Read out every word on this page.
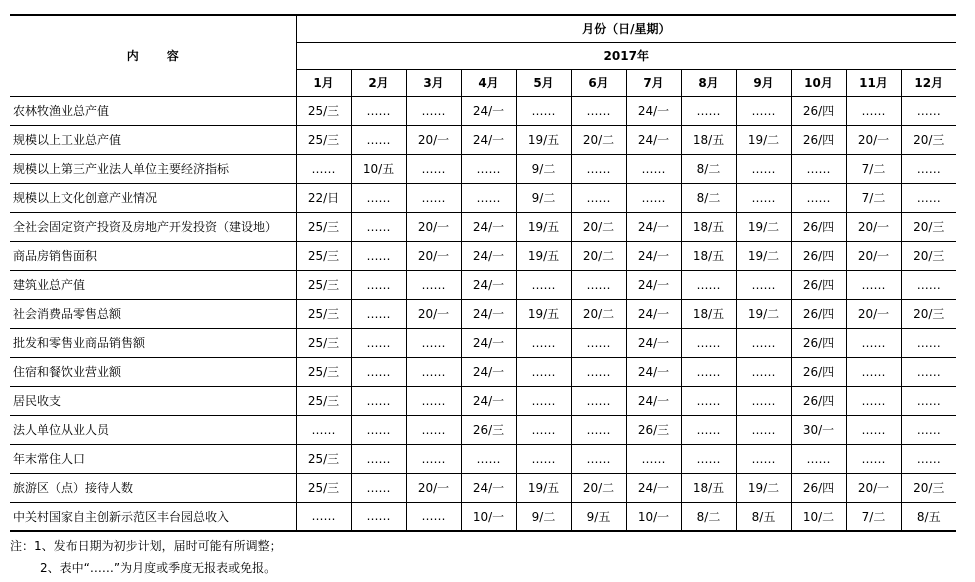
内 容	月份（日/星期）											
	2017年											
	1月	2月	3月	4月	5月	6月	7月	8月	9月	10月	11月	12月
农林牧渔业总产值	25/三	……	……	24/一	……	……	24/一	……	……	26/四	……	……
规模以上工业总产值	25/三	……	20/一	24/一	19/五	20/二	24/一	18/五	19/二	26/四	20/一	20/三
规模以上第三产业法人单位主要经济指标	……	10/五	……	……	9/二	……	……	8/二	……	……	7/二	……
规模以上文化创意产业情况	22/日	……	……	……	9/二	……	……	8/二	……	……	7/二	……
全社会固定资产投资及房地产开发投资（建设地）	25/三	……	20/一	24/一	19/五	20/二	24/一	18/五	19/二	26/四	20/一	20/三
商品房销售面积	25/三	……	20/一	24/一	19/五	20/二	24/一	18/五	19/二	26/四	20/一	20/三
建筑业总产值	25/三	……	……	24/一	……	……	24/一	……	……	26/四	……	……
社会消费品零售总额	25/三	……	20/一	24/一	19/五	20/二	24/一	18/五	19/二	26/四	20/一	20/三
批发和零售业商品销售额	25/三	……	……	24/一	……	……	24/一	……	……	26/四	……	……
住宿和餐饮业营业额	25/三	……	……	24/一	……	……	24/一	……	……	26/四	……	……
居民收支	25/三	……	……	24/一	……	……	24/一	……	……	26/四	……	……
法人单位从业人员	……	……	……	26/三	……	……	26/三	……	……	30/一	……	……
年末常住人口	25/三	……	……	……	……	……	……	……	……	……	……	……
旅游区（点）接待人数	25/三	……	20/一	24/一	19/五	20/二	24/一	18/五	19/二	26/四	20/一	20/三
中关村国家自主创新示范区丰台园总收入	……	……	……	10/一	9/二	9/五	10/一	8/二	8/五	10/二	7/二	8/五
注：1、发布日期为初步计划，届时可能有所调整；
2、表中“……”为月度或季度无报表或免报。
